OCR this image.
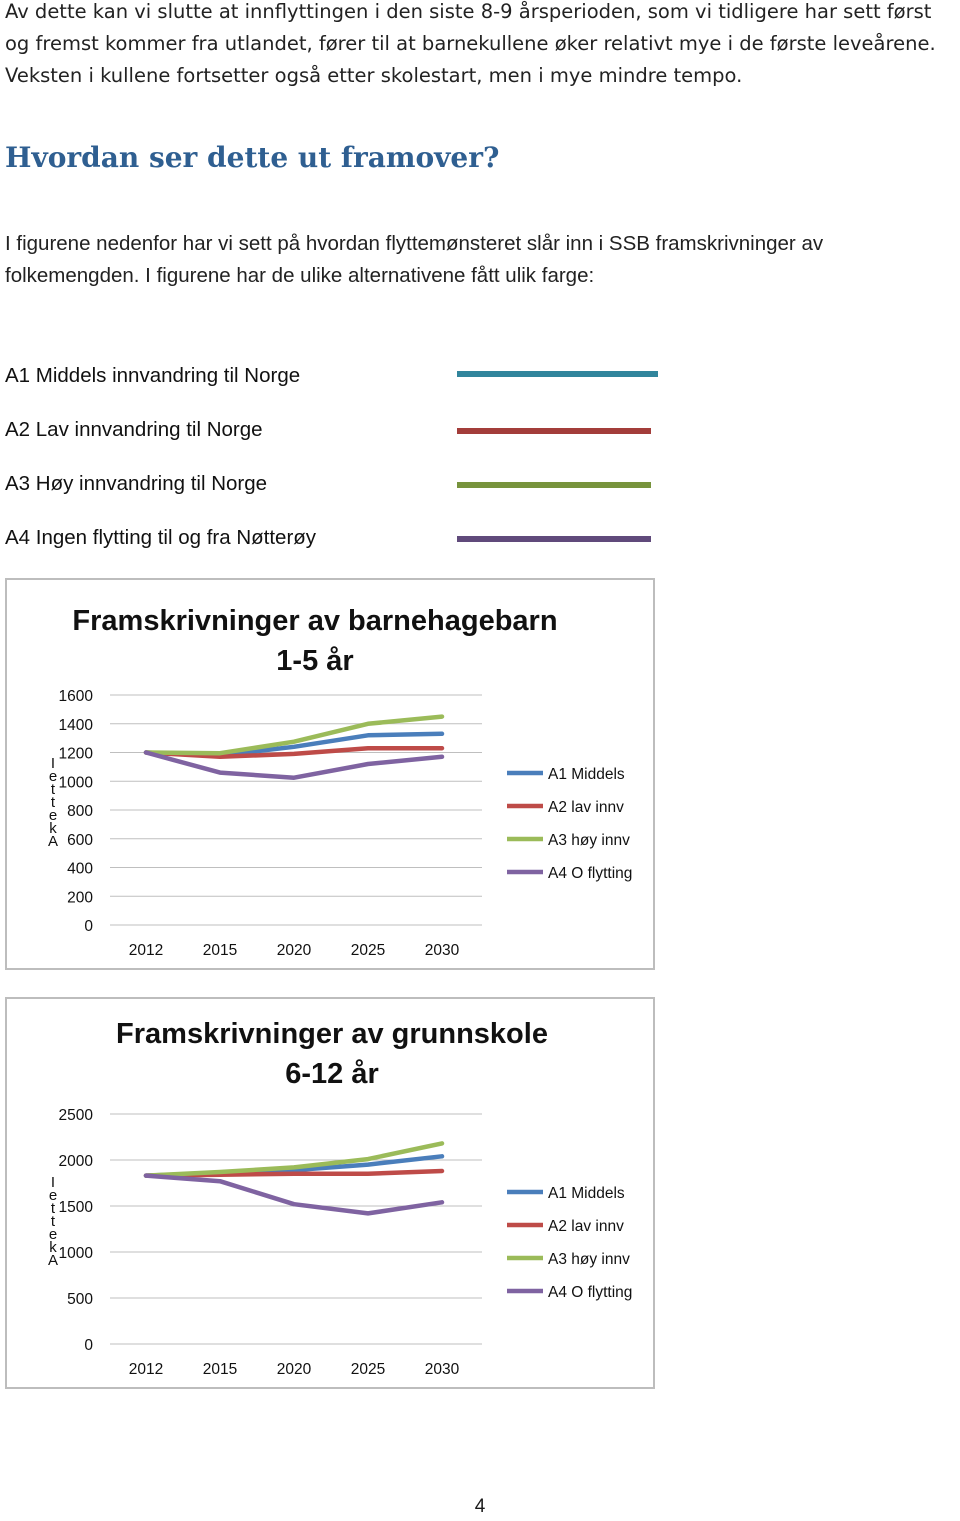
Av dette kan vi slutte at innflyttingen i den siste 8-9 årsperioden, som vi tidligere har sett først og fremst kommer fra utlandet, fører til at barnekullene øker relativt mye i de første leveårene. Veksten i kullene fortsetter også etter skolestart, men i mye mindre tempo.

Hvordan ser dette ut framover?

I figurene nedenfor har vi sett på hvordan flyttemønsteret slår inn i SSB framskrivninger av folkemengden. I figurene har de ulike alternativene fått ulik farge:

A1 Middels innvandring til Norge
A2 Lav innvandring til Norge
A3 Høy innvandring til Norge
A4 Ingen flytting til og fra Nøtterøy
Framskrivninger av barnehagebarn
1-5 år
0
200
400
600
800
1000
1200
1400
1600
I
e
t
t
e
k
A
2012	2015	2020	2025	2030
A1 Middels
A2 lav innv
A3 høy innv
A4 O flytting
Framskrivninger av grunnskole
6-12 år
0
500
1000
1500
2000
2500
I
e
t
t
e
k
A
2012	2015	2020	2025	2030
A1 Middels
A2 lav innv
A3 høy innv
A4 O flytting
4
